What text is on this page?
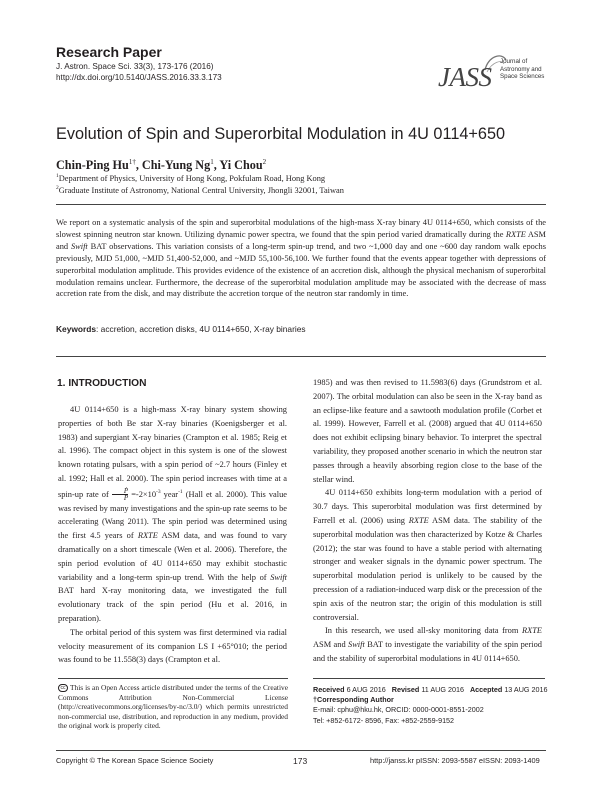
Research Paper
J. Astron. Space Sci. 33(3), 173-176 (2016)
http://dx.doi.org/10.5140/JASS.2016.33.3.173	JASS
Journal of
Astronomy and
Space Sciences
Evolution of Spin and Superorbital Modulation in 4U 0114+650
Chin-Ping $Hu^{1\dagger}$, Chi-Yung Ng$^1$, Yi Chou$^2$
$^1$Department of Physics, University of Hong Kong, Pokfulam Road, Hong Kong
$^2$Graduate Institute of Astronomy, National Central University, Jhongli 32001, Taiwan
We report on a systematic analysis of the spin and superorbital modulations of the high-mass X-ray binary 4U 0114+650, which consists of the slowest spinning neutron star known. Utilizing dynamic power spectra, we found that the spin period varied dramatically during the RXTE ASM and Swift BAT observations. This variation consists of a long-term spin-up trend, and two ~1,000 day and one ~600 day random walk epochs previously, MJD 51,000, ~MJD 51,400-52,000, and ~MJD 55,100-56,100. We further found that the events appear together with depressions of superorbital modulation amplitude. This provides evidence of the existence of an accretion disk, although the physical mechanism of superorbital modulation remains unclear. Furthermore, the decrease of the superorbital modulation amplitude may be associated with the decrease of mass accretion rate from the disk, and may distribute the accretion torque of the neutron star randomly in time.
Keywords: accretion, accretion disks, 4U 0114+650, X-ray binaries
1. INTRODUCTION

4U 0114+650 is a high-mass X-ray binary system showing properties of both Be star X-ray binaries (Koenigsberger et al. 1983) and supergiant X-ray binaries (Crampton et al. 1985; Reig et al. 1996). The compact object in this system is one of the slowest known rotating pulsars, with a spin period of ~2.7 hours (Finley et al. 1992; Hall et al. 2000). The spin period increases with time at a spin-up rate of $\frac{\text{Ṗ}}{P} =-2\times 10^{-3}$ year$^{-1}$ (Hall et al. 2000). This value was revised by many investigations and the spin-up rate seems to be accelerating (Wang 2011). The spin period was determined using the first 4.5 years of RXTE ASM data, and was found to vary dramatically on a short timescale (Wen et al. 2006). Therefore, the spin period evolution of 4U 0114+650 may exhibit stochastic variability and a long-term spin-up trend. With the help of Swift BAT hard X-ray monitoring data, we investigated the full evolutionary track of the spin period (Hu et al. 2016, in preparation).

The orbital period of this system was first determined via radial velocity measurement of its companion LS I +65°010; the period was found to be 11.558(3) days (Crampton et al.

1985) and was then revised to 11.5983(6) days (Grundstrom et al. 2007). The orbital modulation can also be seen in the X-ray band as an eclipse-like feature and a sawtooth modulation profile (Corbet et al. 1999). However, Farrell et al. (2008) argued that 4U 0114+650 does not exhibit eclipsing binary behavior. To interpret the spectral variability, they proposed another scenario in which the neutron star passes through a heavily absorbing region close to the base of the stellar wind.

4U 0114+650 exhibits long-term modulation with a period of 30.7 days. This superorbital modulation was first determined by Farrell et al. (2006) using RXTE ASM data. The stability of the superorbital modulation was then characterized by Kotze & Charles (2012); the star was found to have a stable period with alternating stronger and weaker signals in the dynamic power spectrum. The superorbital modulation period is unlikely to be caused by the precession of a radiation-induced warp disk or the precession of the spin axis of the neutron star; the origin of this modulation is still controversial.

In this research, we used all-sky monitoring data from RXTE ASM and Swift BAT to investigate the variability of the spin period and the stability of superorbital modulations in 4U 0114+650.

cc This is an Open Access article distributed under the terms of the Creative Commons Attribution Non-Commercial License (http://creativecommons.org/licenses/by-nc/3.0/) which permits unrestricted non-commercial use, distribution, and reproduction in any medium, provided the original work is properly cited.
Received 6 AUG 2016 Revised 11 AUG 2016 Accepted 13 AUG 2016
†Corresponding Author
E-mail: cphu@hku.hk, ORCID: 0000-0001-8551-2002
Tel: +852-6172- 8596, Fax: +852-2559-9152
Copyright © The Korean Space Science Society	173	http://janss.kr pISSN: 2093-5587 eISSN: 2093-1409
